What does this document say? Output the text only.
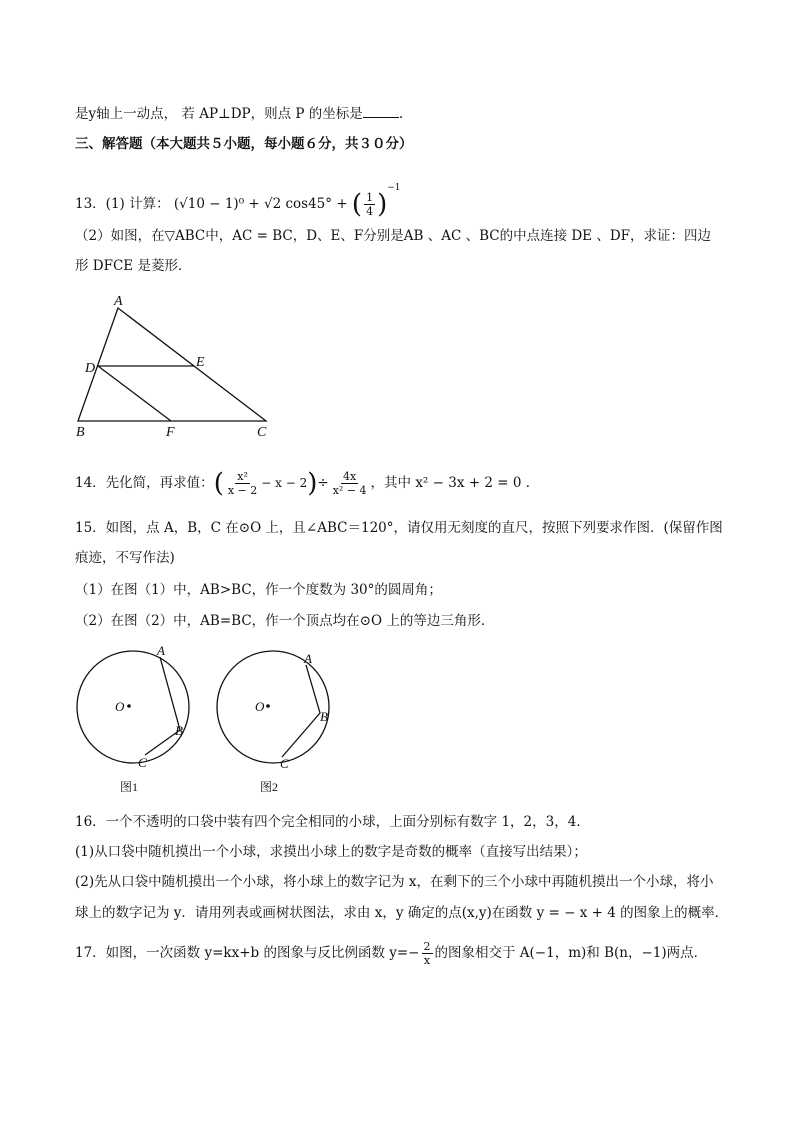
是y轴上一动点， 若 AP⊥DP，则点 P 的坐标是	.
三、解答题（本大题共５小题，每小题６分，共３０分）
13．(1) 计算： (√10 − 1)⁰ + √2 cos45° + ( $\frac{1}{4} )^{-1}$
（2）如图，在▽ABC中，AC = BC，D、E、F分别是AB 、AC 、BC的中点连接 DE 、DF，求证：四边
形 DFCE 是菱形．
A
D	E
B	F	C
14．先化简，再求值：( $\frac{\text{x²}}{x - 2} - x - 2)\div \frac{4x}{\text{x² − 4}}$ ，其中 x² − 3x + 2 = 0 ．
15．如图，点 A，B，C 在⊙O 上，且∠ABC＝120°，请仅用无刻度的直尺，按照下列要求作图．(保留作图
痕迹，不写作法)
（1）在图（1）中，AB>BC，作一个度数为 30°的圆周角；
（2）在图（2）中，AB=BC，作一个顶点均在⊙O 上的等边三角形．
O
A
B
C
O
A
B
C
图1	图2
16．一个不透明的口袋中装有四个完全相同的小球，上面分别标有数字 1，2，3，4．
(1)从口袋中随机摸出一个小球，求摸出小球上的数字是奇数的概率（直接写出结果）；
(2)先从口袋中随机摸出一个小球，将小球上的数字记为 x，在剩下的三个小球中再随机摸出一个小球，将小
球上的数字记为 y．请用列表或画树状图法，求由 x，y 确定的点(x,y)在函数 y = − x + 4 的图象上的概率．
17．如图，一次函数 y=kx+b 的图象与反比例函数 $y=- \frac{2}{x}$ 的图象相交于 A(−1，m)和 B(n，−1)两点．
